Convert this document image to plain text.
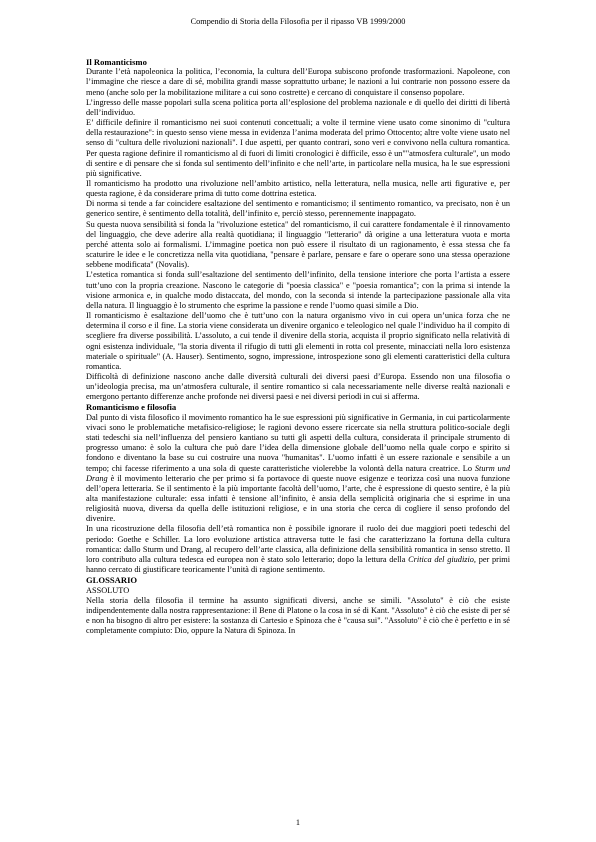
Compendio di Storia della Filosofia per il ripasso VB 1999/2000

Il Romanticismo

Durante l’età napoleonica la politica, l’economia, la cultura dell’Europa subiscono profonde trasformazioni. Napoleone, con l’immagine che riesce a dare di sé, mobilita grandi masse soprattutto urbane; le nazioni a lui contrarie non possono essere da meno (anche solo per la mobilitazione militare a cui sono costrette) e cercano di conquistare il consenso popolare.

L’ingresso delle masse popolari sulla scena politica porta all’esplosione del problema nazionale e di quello dei diritti di libertà dell’individuo.

E’ difficile definire il romanticismo nei suoi contenuti concettuali; a volte il termine viene usato come sinonimo di "cultura della restaurazione": in questo senso viene messa in evidenza l’anima moderata del primo Ottocento; altre volte viene usato nel senso di "cultura delle rivoluzioni nazionali". I due aspetti, per quanto contrari, sono veri e convivono nella cultura romantica. Per questa ragione definire il romanticismo al di fuori di limiti cronologici è difficile, esso è un""atmosfera culturale", un modo di sentire e di pensare che si fonda sul sentimento dell’infinito e che nell’arte, in particolare nella musica, ha le sue espressioni più significative.

Il romanticismo ha prodotto una rivoluzione nell’ambito artistico, nella letteratura, nella musica, nelle arti figurative e, per questa ragione, è da considerare prima di tutto come dottrina estetica.

Di norma si tende a far coincidere esaltazione del sentimento e romanticismo; il sentimento romantico, va precisato, non è un generico sentire, è sentimento della totalità, dell’infinito e, perciò stesso, perennemente inappagato.

Su questa nuova sensibilità si fonda la "rivoluzione estetica" del romanticismo, il cui carattere fondamentale è il rinnovamento del linguaggio, che deve aderire alla realtà quotidiana; il linguaggio "letterario" dà origine a una letteratura vuota e morta perché attenta solo ai formalismi. L’immagine poetica non può essere il risultato di un ragionamento, è essa stessa che fa scaturire le idee e le concretizza nella vita quotidiana, "pensare è parlare, pensare e fare o operare sono una stessa operazione sebbene modificata" (Novalis).

L’estetica romantica si fonda sull’esaltazione del sentimento dell’infinito, della tensione interiore che porta l’artista a essere tutt’uno con la propria creazione. Nascono le categorie di "poesia classica" e "poesia romantica"; con la prima si intende la visione armonica e, in qualche modo distaccata, del mondo, con la seconda si intende la partecipazione passionale alla vita della natura. Il linguaggio è lo strumento che esprime la passione e rende l’uomo quasi simile a Dio.

Il romanticismo è esaltazione dell’uomo che è tutt’uno con la natura organismo vivo in cui opera un’unica forza che ne determina il corso e il fine. La storia viene considerata un divenire organico e teleologico nel quale l’individuo ha il compito di scegliere fra diverse possibilità. L’assoluto, a cui tende il divenire della storia, acquista il proprio significato nella relatività di ogni esistenza individuale, "la storia diventa il rifugio di tutti gli elementi in rotta col presente, minacciati nella loro esistenza materiale o spirituale" (A. Hauser). Sentimento, sogno, impressione, introspezione sono gli elementi caratteristici della cultura romantica.

Difficoltà di definizione nascono anche dalle diversità culturali dei diversi paesi d’Europa. Essendo non una filosofia o un’ideologia precisa, ma un’atmosfera culturale, il sentire romantico si cala necessariamente nelle diverse realtà nazionali e emergono pertanto differenze anche profonde nei diversi paesi e nei diversi periodi in cui si afferma.

Romanticismo e filosofia

Dal punto di vista filosofico il movimento romantico ha le sue espressioni più significative in Germania, in cui particolarmente vivaci sono le problematiche metafisico-religiose; le ragioni devono essere ricercate sia nella struttura politico-sociale degli stati tedeschi sia nell’influenza del pensiero kantiano su tutti gli aspetti della cultura, considerata il principale strumento di progresso umano: è solo la cultura che può dare l’idea della dimensione globale dell’uomo nella quale corpo e spirito si fondono e diventano la base su cui costruire una nuova "humanitas". L’uomo infatti è un essere razionale e sensibile a un tempo; chi facesse riferimento a una sola di queste caratteristiche violerebbe la volontà della natura creatrice. Lo Sturm und Drang è il movimento letterario che per primo si fa portavoce di queste nuove esigenze e teorizza così una nuova funzione dell’opera letteraria. Se il sentimento è la più importante facoltà dell’uomo, l’arte, che è espressione di questo sentire, è la più alta manifestazione culturale: essa infatti è tensione all’infinito, è ansia della semplicità originaria che si esprime in una religiosità nuova, diversa da quella delle istituzioni religiose, e in una storia che cerca di cogliere il senso profondo del divenire.

In una ricostruzione della filosofia dell’età romantica non è possibile ignorare il ruolo dei due maggiori poeti tedeschi del periodo: Goethe e Schiller. La loro evoluzione artistica attraversa tutte le fasi che caratterizzano la fortuna della cultura romantica: dallo Sturm und Drang, al recupero dell’arte classica, alla definizione della sensibilità romantica in senso stretto. Il loro contributo alla cultura tedesca ed europea non è stato solo letterario; dopo la lettura della Critica del giudizio, per primi hanno cercato di giustificare teoricamente l’unità di ragione sentimento.

GLOSSARIO

ASSOLUTO

Nella storia della filosofia il termine ha assunto significati diversi, anche se simili. "Assoluto" è ciò che esiste indipendentemente dalla nostra rappresentazione: il Bene di Platone o la cosa in sé di Kant. "Assoluto" è ciò che esiste di per sé e non ha bisogno di altro per esistere: la sostanza di Cartesio e Spinoza che è "causa sui". "Assoluto" è ciò che è perfetto e in sé completamente compiuto: Dio, oppure la Natura di Spinoza. In

1
